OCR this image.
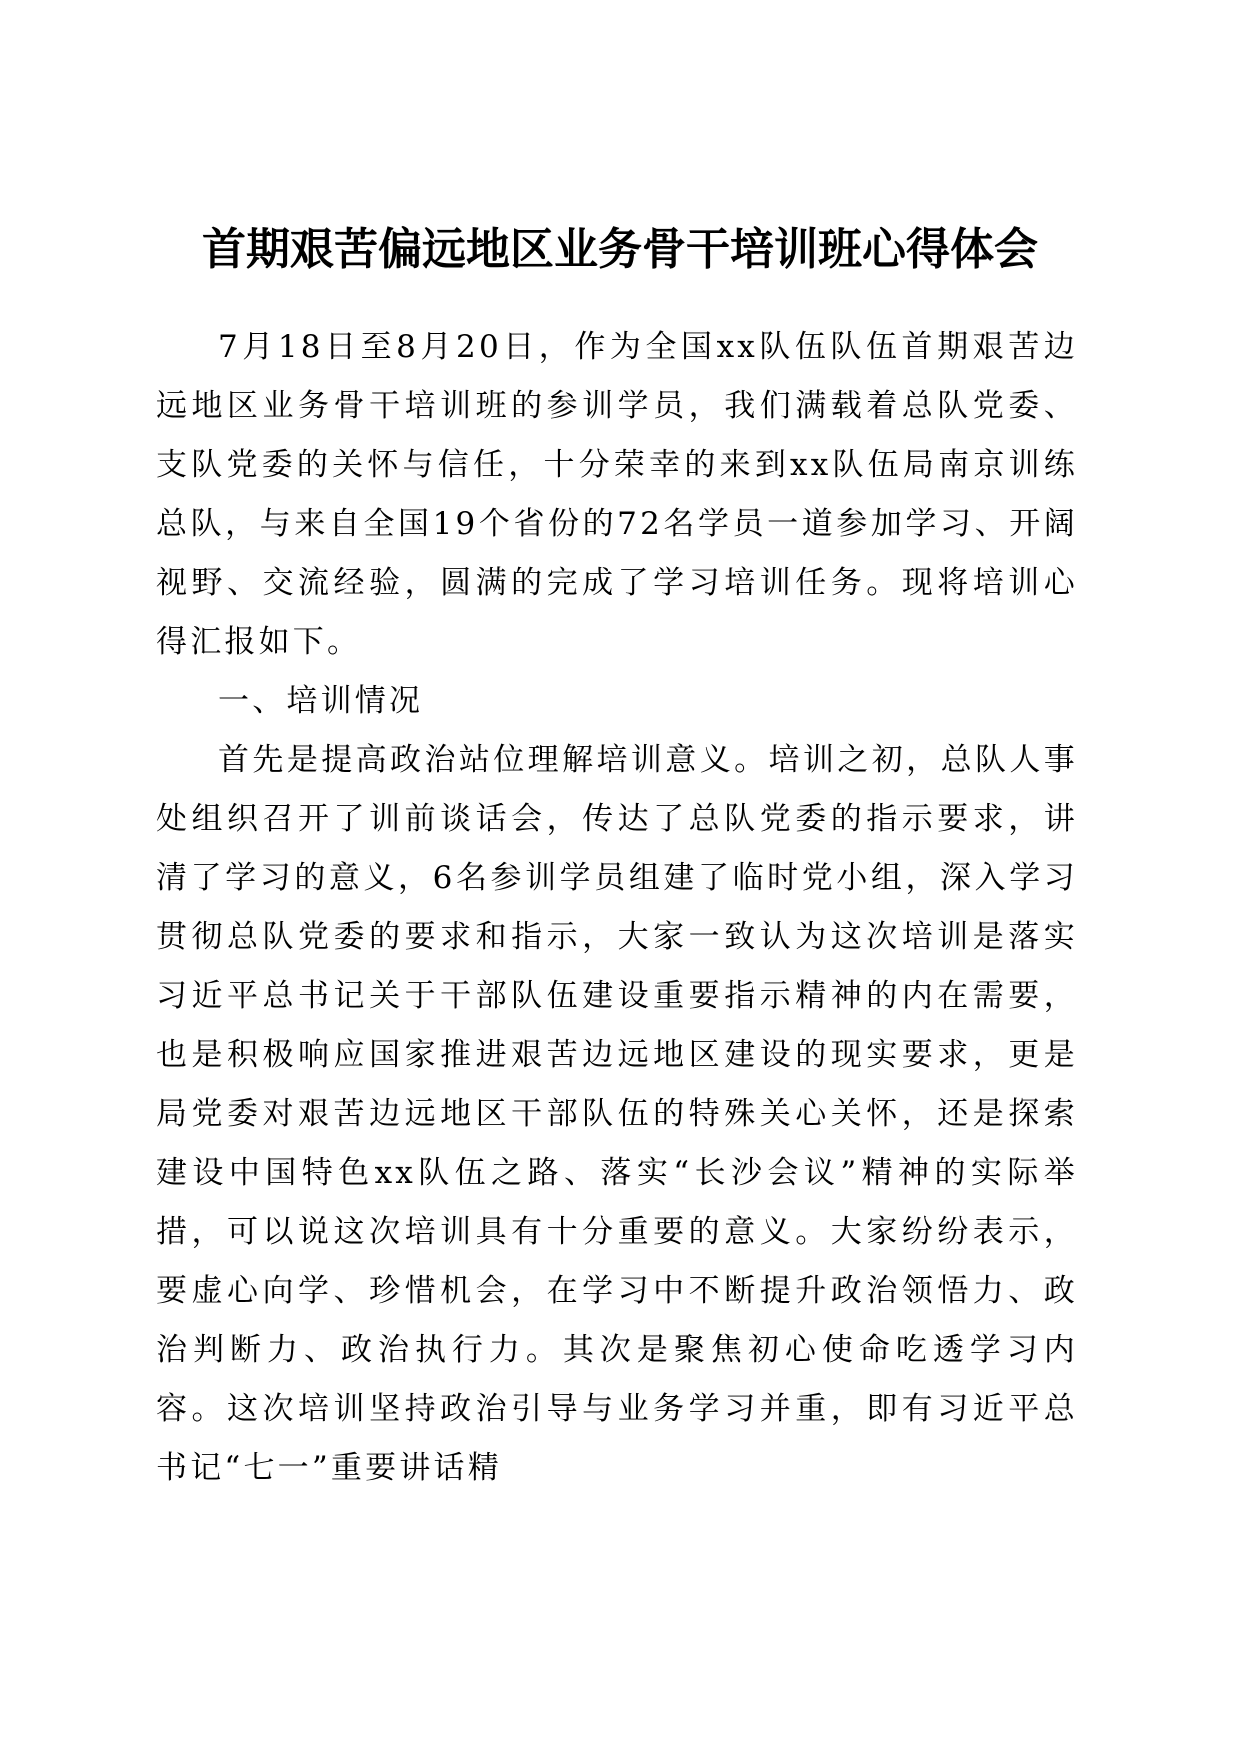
首期艰苦偏远地区业务骨干培训班心得体会

7月18日至8月20日，作为全国xx队伍队伍首期艰苦边远地区业务骨干培训班的参训学员，我们满载着总队党委、支队党委的关怀与信任，十分荣幸的来到xx队伍局南京训练总队，与来自全国19个省份的72名学员一道参加学习、开阔视野、交流经验，圆满的完成了学习培训任务。现将培训心得汇报如下。

一、培训情况

首先是提高政治站位理解培训意义。培训之初，总队人事处组织召开了训前谈话会，传达了总队党委的指示要求，讲清了学习的意义，6名参训学员组建了临时党小组，深入学习贯彻总队党委的要求和指示，大家一致认为这次培训是落实习近平总书记关于干部队伍建设重要指示精神的内在需要，也是积极响应国家推进艰苦边远地区建设的现实要求，更是局党委对艰苦边远地区干部队伍的特殊关心关怀，还是探索建设中国特色xx队伍之路、落实“长沙会议”精神的实际举措，可以说这次培训具有十分重要的意义。大家纷纷表示，要虚心向学、珍惜机会，在学习中不断提升政治领悟力、政治判断力、政治执行力。其次是聚焦初心使命吃透学习内容。这次培训坚持政治引导与业务学习并重，即有习近平总书记“七一”重要讲话精
